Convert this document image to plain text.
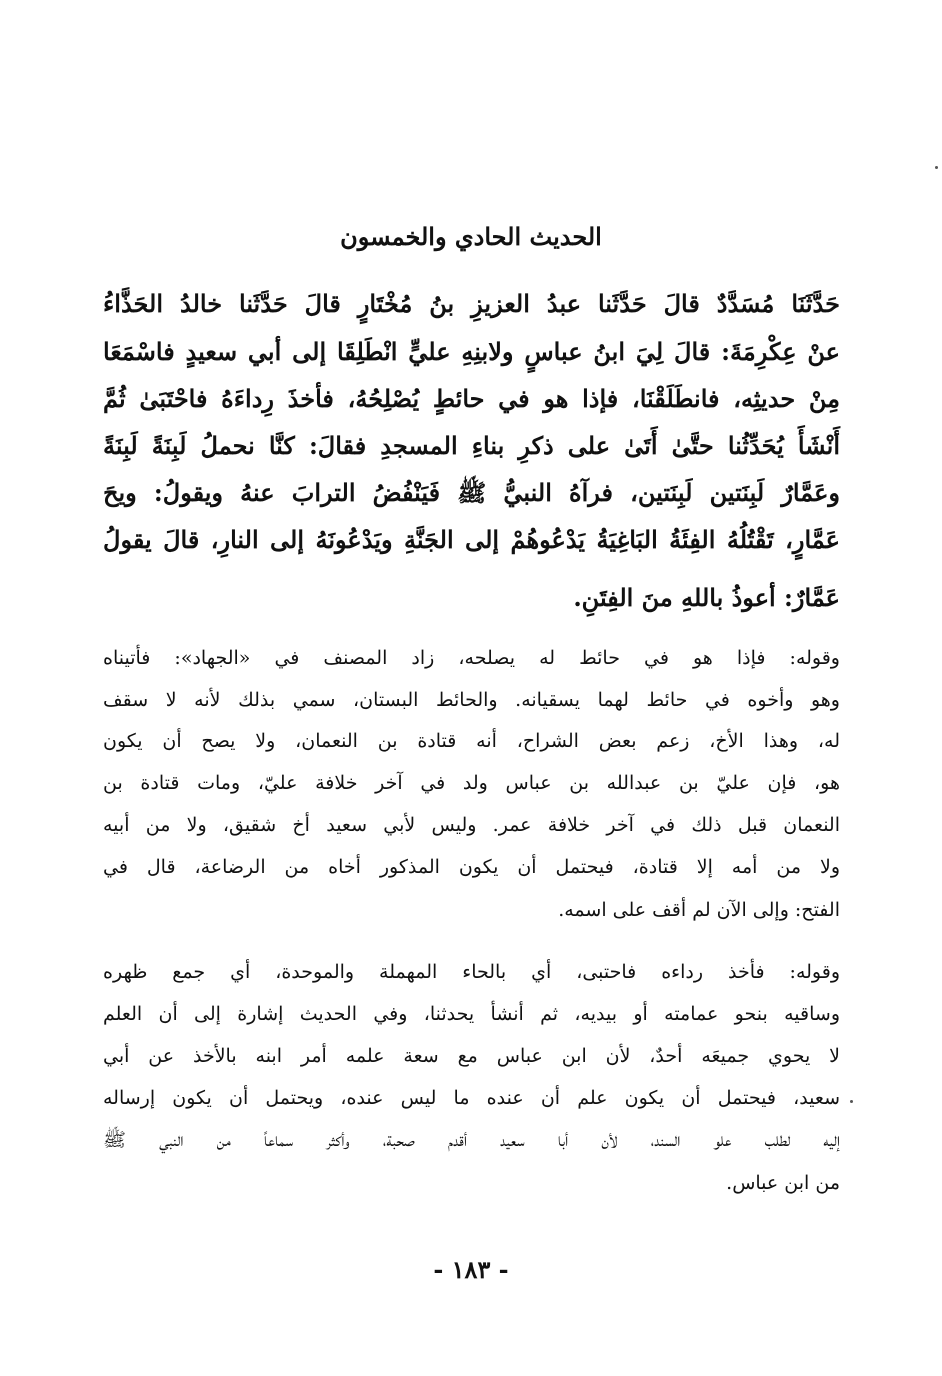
الحديث الحادي والخمسون
حَدَّثَنَا مُسَدَّدٌ قالَ حَدَّثَنا عبدُ العزيزِ بنُ مُخْتَارٍ قالَ حَدَّثَنا خالدُ الحَذَّاءُ
عنْ عِكْرِمَةَ: قالَ لِيَ ابنُ عباسٍ ولابنِهِ عليٍّ انْطَلِقَا إلى أبي سعيدٍ فاسْمَعَا
مِنْ حديثِه، فانطَلَقْنَا، فإذا هو في حائطٍ يُصْلِحُهُ، فأخذَ رِداءَهُ فاحْتَبَىٰ ثُمَّ
أَنْشَأَ يُحَدِّثُنا حتَّىٰ أَتَىٰ على ذكرِ بناءِ المسجدِ فقالَ: كنَّا نحملُ لَبِنَةً لَبِنَةً
وعَمَّارٌ لَبِنَتين لَبِنَتين، فرآهُ النبيُّ ﷺ فَيَنْفُضُ الترابَ عنهُ ويقولُ: ويحَ
عَمَّارٍ، تَقْتُلُهُ الفِئَةُ البَاغِيَةُ يَدْعُوهُمْ إلى الجَنَّةِ ويَدْعُونَهُ إلى النارِ، قالَ يقولُ
عَمَّارٌ: أعوذُ باللهِ منَ الفِتَنِ.
وقوله: فإذا هو في حائط له يصلحه، زاد المصنف في «الجهاد»: فأتيناه
وهو وأخوه في حائط لهما يسقيانه. والحائط البستان، سمي بذلك لأنه لا سقف
له، وهذا الأخ، زعم بعض الشراح، أنه قتادة بن النعمان، ولا يصح أن يكون
هو، فإن عليّ بن عبدالله بن عباس ولد في آخر خلافة عليّ، ومات قتادة بن
النعمان قبل ذلك في آخر خلافة عمر. وليس لأبي سعيد أخ شقيق، ولا من أبيه
ولا من أمه إلا قتادة، فيحتمل أن يكون المذكور أخاه من الرضاعة، قال في
الفتح: وإلى الآن لم أقف على اسمه.
وقوله: فأخذ رداءه فاحتبى، أي بالحاء المهملة والموحدة، أي جمع ظهره
وساقيه بنحو عمامته أو بيديه، ثم أنشأ يحدثنا، وفي الحديث إشارة إلى أن العلم
لا يحوي جميعَه أحدٌ، لأن ابن عباس مع سعة علمه أمر ابنه بالأخذ عن أبي
سعيد، فيحتمل أن يكون علم أن عنده ما ليس عنده، ويحتمل أن يكون إرساله
إليه لطلب علو السند، لأن أبا سعيد أقدم صحبة، وأكثر سماعاً من النبي ﷺ
من ابن عباس.
- ١٨٣ -
